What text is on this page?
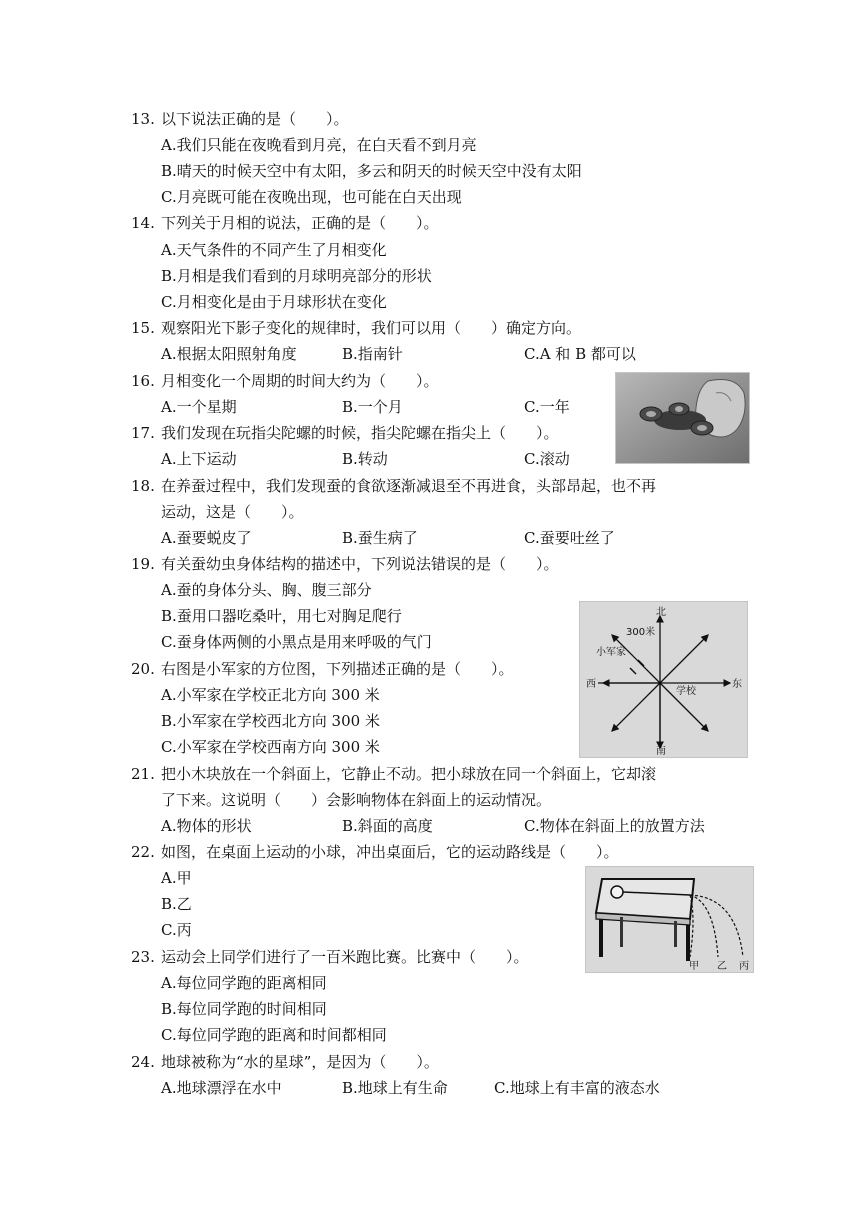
13. 以下说法正确的是（　　）。
A.我们只能在夜晚看到月亮，在白天看不到月亮
B.晴天的时候天空中有太阳，多云和阴天的时候天空中没有太阳
C.月亮既可能在夜晚出现，也可能在白天出现
14. 下列关于月相的说法，正确的是（　　）。
A.天气条件的不同产生了月相变化
B.月相是我们看到的月球明亮部分的形状
C.月相变化是由于月球形状在变化
15. 观察阳光下影子变化的规律时，我们可以用（　　）确定方向。
A.根据太阳照射角度	B.指南针	C.A 和 B 都可以
16. 月相变化一个周期的时间大约为（　　）。
A.一个星期	B.一个月	C.一年
17. 我们发现在玩指尖陀螺的时候，指尖陀螺在指尖上（　　）。
A.上下运动	B.转动	C.滚动
18. 在养蚕过程中，我们发现蚕的食欲逐渐减退至不再进食，头部昂起，也不再
运动，这是（　　）。
A.蚕要蜕皮了	B.蚕生病了	C.蚕要吐丝了
19. 有关蚕幼虫身体结构的描述中，下列说法错误的是（　　）。
A.蚕的身体分头、胸、腹三部分
B.蚕用口器吃桑叶，用七对胸足爬行
C.蚕身体两侧的小黑点是用来呼吸的气门
20. 右图是小军家的方位图，下列描述正确的是（　　）。
A.小军家在学校正北方向 300 米
B.小军家在学校西北方向 300 米
C.小军家在学校西南方向 300 米
北
南
东
西
300米
小军家
学校
21. 把小木块放在一个斜面上，它静止不动。把小球放在同一个斜面上，它却滚
了下来。这说明（　　）会影响物体在斜面上的运动情况。
A.物体的形状	B.斜面的高度	C.物体在斜面上的放置方法
22. 如图，在桌面上运动的小球，冲出桌面后，它的运动路线是（　　）。
A.甲
B.乙
C.丙
甲 乙 丙
23. 运动会上同学们进行了一百米跑比赛。比赛中（　　）。
A.每位同学跑的距离相同
B.每位同学跑的时间相同
C.每位同学跑的距离和时间都相同
24. 地球被称为“水的星球”，是因为（　　）。
A.地球漂浮在水中	B.地球上有生命	C.地球上有丰富的液态水
